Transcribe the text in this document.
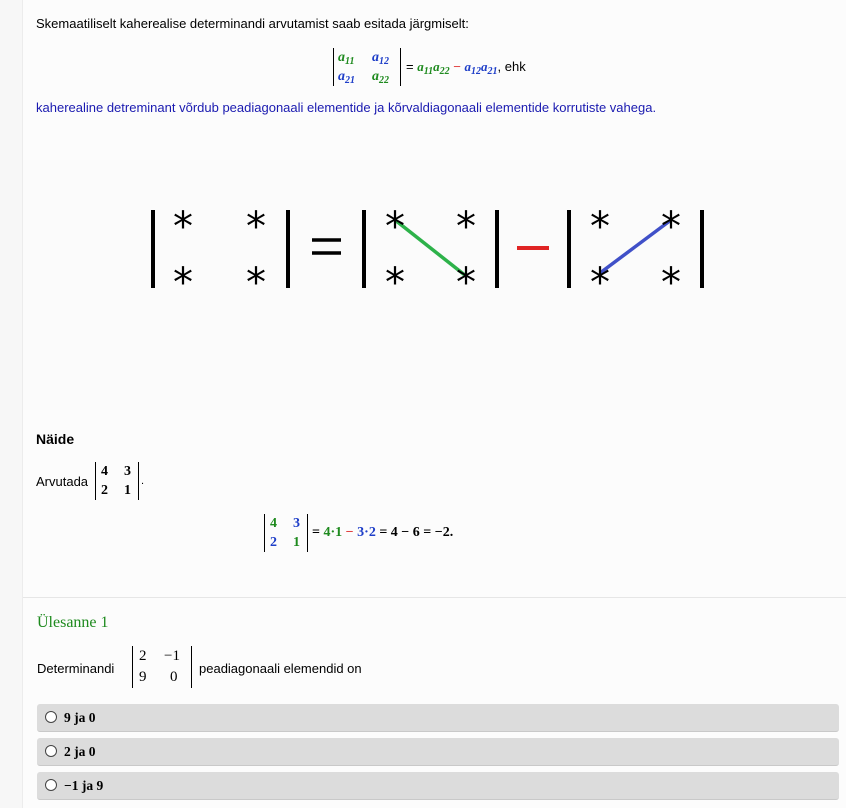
Skemaatiliselt kaherealise determinandi arvutamist saab esitada järgmiselt:
$a_{11}$ $a_{12}$
$a_{21}$ $a_{22}$
= $a_{11}a_{22} - a_{12}a_{21}$, ehk
kaherealine detreminant võrdub peadiagonaali elementide ja kõrvaldiagonaali elementide korrutiste vahega.
* *
* *
* *
* *
* *
* *
Näide
Arvutada
4 3
2 1
.
4 3
2 1
= 4·1 − 3·2 = 4 − 6 = −2.
Ülesanne 1
Determinandi
2 −1
9 0
peadiagonaali elemendid on
9 ja 0
2 ja 0
−1 ja 9
